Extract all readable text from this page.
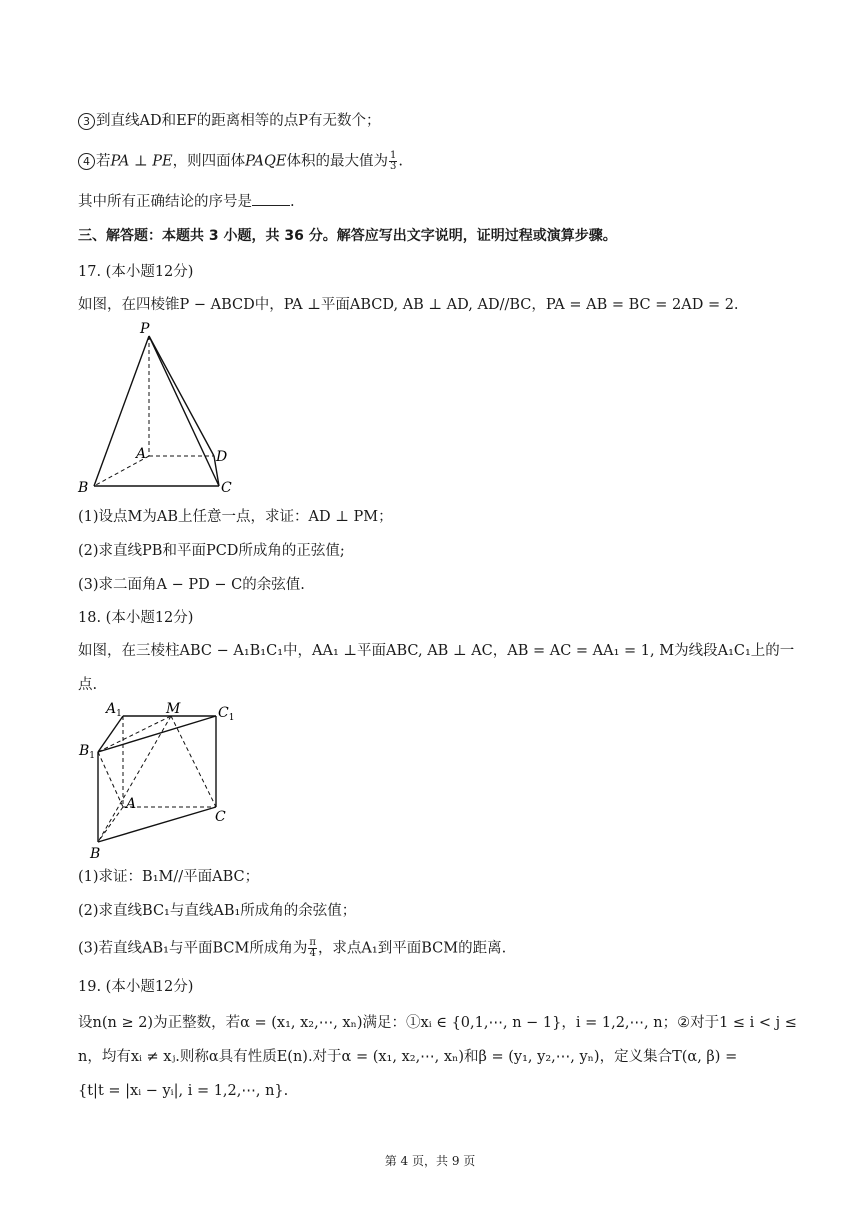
3 到直线AD和EF的距离相等的点P有无数个；
4 若PA ⊥ PE，则四面体PAQE体积的最大值为 $\frac{1}{3}$ .
其中所有正确结论的序号是	.
三、解答题：本题共 3 小题，共 36 分。解答应写出文字说明，证明过程或演算步骤。
17. (本小题12分)
如图，在四棱锥P − ABCD中，PA ⊥平面ABCD, AB ⊥ AD, AD//BC，PA = AB = BC = 2AD = 2.
P
A
B	C
D
(1)设点M为AB上任意一点，求证：AD ⊥ PM；
(2)求直线PB和平面PCD所成角的正弦值;
(3)求二面角A − PD − C的余弦值.
18. (本小题12分)
如图，在三棱柱ABC − A₁B₁C₁中，AA₁ ⊥平面ABC, AB ⊥ AC，AB = AC = AA₁ = 1, M为线段A₁C₁上的一
点.
$A_1$	M	$C_1$
$B_1$
A
B
C
(1)求证：B₁M//平面ABC；
(2)求直线BC₁与直线AB₁所成角的余弦值；
(3)若直线AB₁与平面BCM所成角为 $\frac{\pi}{4}$ ，求点A₁到平面BCM的距离.
19. (本小题12分)
设n(n ≥ 2)为正整数，若α = (x₁, x₂,⋯, xₙ)满足：①xᵢ ∈ {0,1,⋯, n − 1}，i = 1,2,⋯, n；②对于1 ≤ i < j ≤
n，均有xᵢ ≠ xⱼ.则称α具有性质E(n).对于α = (x₁, x₂,⋯, xₙ)和β = (y₁, y₂,⋯, yₙ)，定义集合T(α, β) =
{t|t = |xᵢ − yᵢ|, i = 1,2,⋯, n}.
第 4 页，共 9 页
